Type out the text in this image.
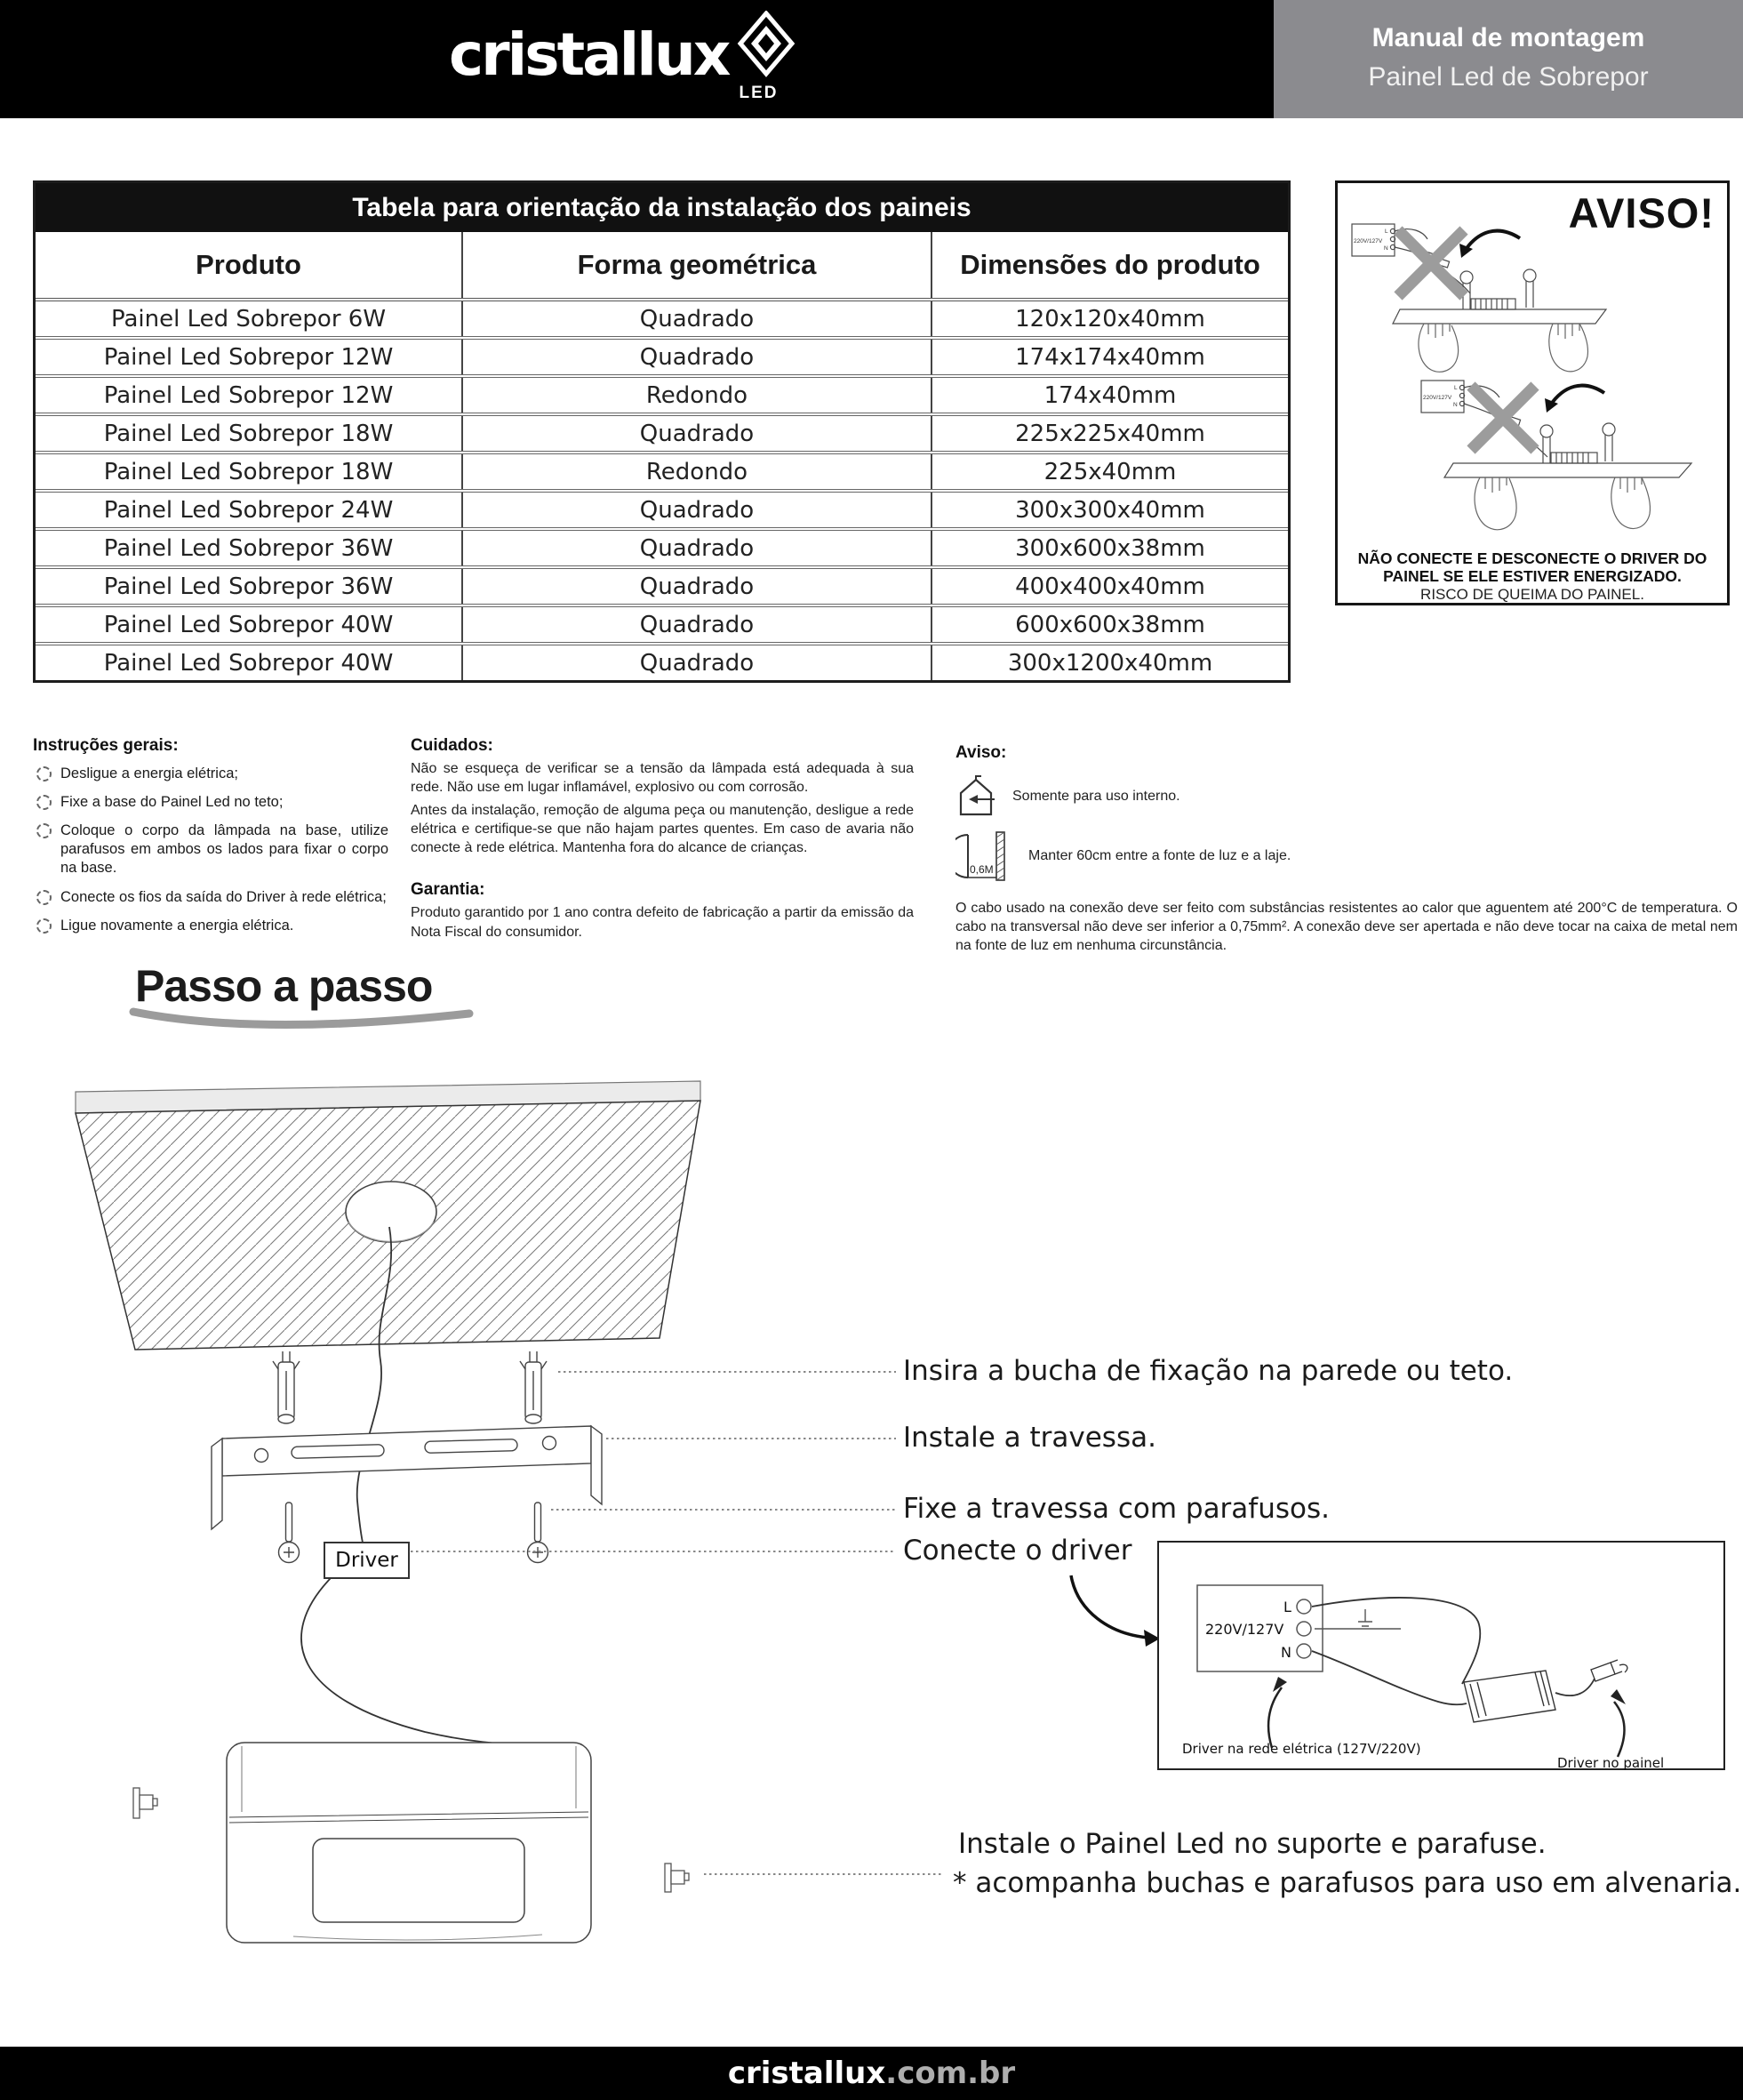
cristallux
LED
Manual de montagem
Painel Led de Sobrepor
Tabela para orientação da instalação dos paineis
Produto	Forma geométrica	Dimensões do produto
Painel Led Sobrepor 6W	Quadrado	120x120x40mm
Painel Led Sobrepor 12W	Quadrado	174x174x40mm
Painel Led Sobrepor 12W	Redondo	174x40mm
Painel Led Sobrepor 18W	Quadrado	225x225x40mm
Painel Led Sobrepor 18W	Redondo	225x40mm
Painel Led Sobrepor 24W	Quadrado	300x300x40mm
Painel Led Sobrepor 36W	Quadrado	300x600x38mm
Painel Led Sobrepor 36W	Quadrado	400x400x40mm
Painel Led Sobrepor 40W	Quadrado	600x600x38mm
Painel Led Sobrepor 40W	Quadrado	300x1200x40mm
220V/127V
L
N
220V/127V
L
N
AVISO!
NÃO CONECTE E DESCONECTE O DRIVER DO
PAINEL SE ELE ESTIVER ENERGIZADO.
RISCO DE QUEIMA DO PAINEL.
Instruções gerais:
Desligue a energia elétrica;
Fixe a base do Painel Led no teto;
Coloque o corpo da lâmpada na base, utilize parafusos em ambos os lados para fixar o corpo na base.
Conecte os fios da saída do Driver à rede elétrica;
Ligue novamente a energia elétrica.
Cuidados:

Não se esqueça de verificar se a tensão da lâmpada está adequada à sua rede. Não use em lugar inflamável, explosivo ou com corrosão.

Antes da instalação, remoção de alguma peça ou manutenção, desligue a rede elétrica e certifique-se que não hajam partes quentes. Em caso de avaria não conecte à rede elétrica. Mantenha fora do alcance de crianças.

Garantia:

Produto garantido por 1 ano contra defeito de fabricação a partir da emissão da Nota Fiscal do consumidor.

Aviso:
Somente para uso interno.
0,6M
Manter 60cm entre a fonte de luz e a laje.
O cabo usado na conexão deve ser feito com substâncias resistentes ao calor que aguentem até 200°C de temperatura. O cabo na transversal não deve ser inferior a 0,75mm². A conexão deve ser apertada e não deve tocar na caixa de metal nem na fonte de luz em nenhuma circunstância.
Passo a passo
220V/127V
L
N
Insira a bucha de fixação na parede ou teto.
Instale a travessa.
Fixe a travessa com parafusos.
Conecte o driver
Instale o Painel Led no suporte e parafuse.
* acompanha buchas e parafusos para uso em alvenaria.
Driver
Driver na rede elétrica (127V/220V)
Driver no painel
cristallux.com.br
